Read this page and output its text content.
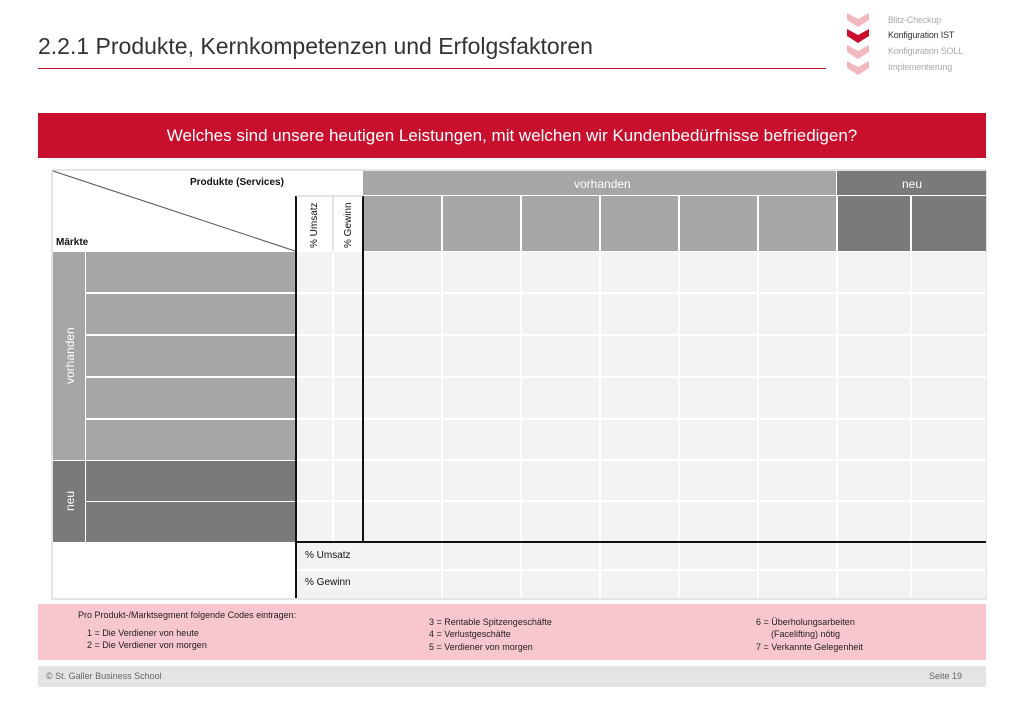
2.2.1 Produkte, Kernkompetenzen und Erfolgsfaktoren
Blitz-Checkup
Konfiguration IST
Konfiguration SOLL
Implementierung
Welches sind unsere heutigen Leistungen, mit welchen wir Kundenbedürfnisse befriedigen?
Produkte (Services)
Märkte
vorhanden	neu
% Umsatz % Gewinn
vorhanden
neu
% Umsatz
% Gewinn
Pro Produkt-/Marktsegment folgende Codes eintragen:
1 = Die Verdiener von heute
2 = Die Verdiener von morgen
3 = Rentable Spitzengeschäfte
4 = Verlustgeschäfte
5 = Verdiener von morgen
6 = Überholungsarbeiten
(Facelifting) nötig
7 = Verkannte Gelegenheit
© St. Galler Business School	Seite 19
